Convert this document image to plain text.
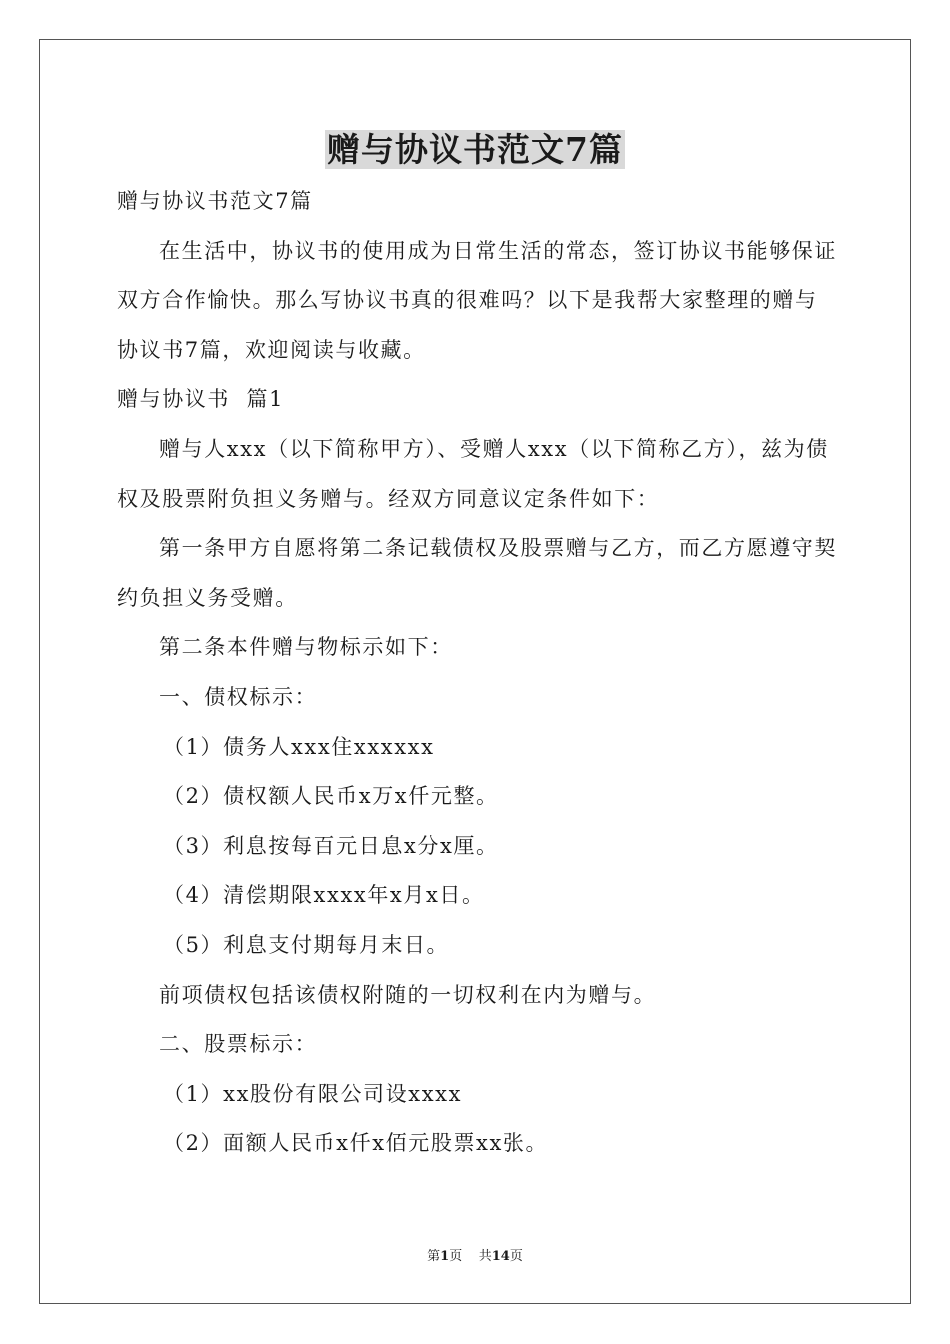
赠与协议书范文7篇

赠与协议书范文7篇

在生活中，协议书的使用成为日常生活的常态，签订协议书能够保证双方合作愉快。那么写协议书真的很难吗？以下是我帮大家整理的赠与协议书7篇，欢迎阅读与收藏。

赠与协议书  篇1

赠与人xxx（以下简称甲方）、受赠人xxx（以下简称乙方），兹为债权及股票附负担义务赠与。经双方同意议定条件如下：

第一条甲方自愿将第二条记载债权及股票赠与乙方，而乙方愿遵守契约负担义务受赠。

第二条本件赠与物标示如下：

一、债权标示：

（1）债务人xxx住xxxxxx

（2）债权额人民币x万x仟元整。

（3）利息按每百元日息x分x厘。

（4）清偿期限xxxx年x月x日。

（5）利息支付期每月末日。

前项债权包括该债权附随的一切权利在内为赠与。

二、股票标示：

（1）xx股份有限公司设xxxx

（2）面额人民币x仟x佰元股票xx张。

第1页 共14页
